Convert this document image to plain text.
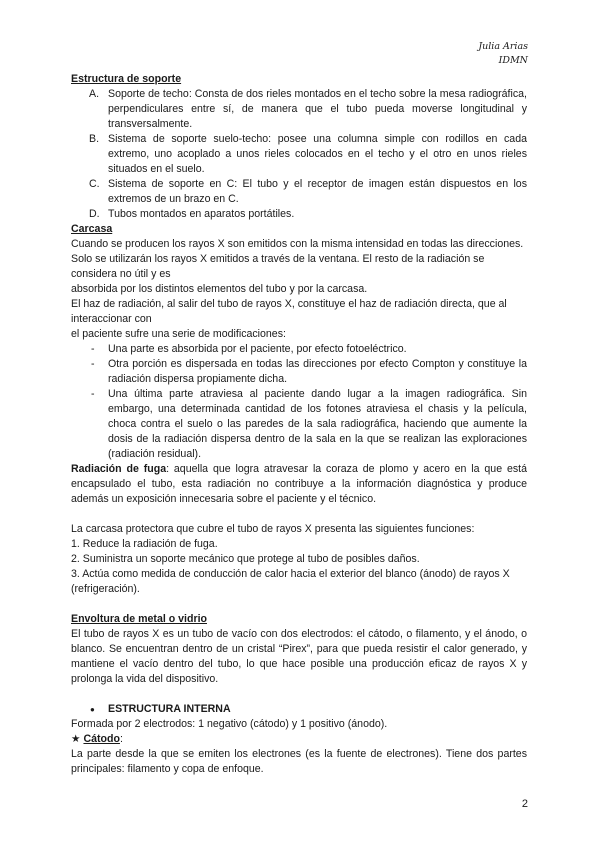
Julia Arias
IDMN
Estructura de soporte
A. Soporte de techo: Consta de dos rieles montados en el techo sobre la mesa radiográfica, perpendiculares entre sí, de manera que el tubo pueda moverse longitudinal y transversalmente.
B. Sistema de soporte suelo-techo: posee una columna simple con rodillos en cada extremo, uno acoplado a unos rieles colocados en el techo y el otro en unos rieles situados en el suelo.
C. Sistema de soporte en C: El tubo y el receptor de imagen están dispuestos en los extremos de un brazo en C.
D. Tubos montados en aparatos portátiles.
Carcasa

Cuando se producen los rayos X son emitidos con la misma intensidad en todas las direcciones.

Solo se utilizarán los rayos X emitidos a través de la ventana. El resto de la radiación se considera no útil y es

absorbida por los distintos elementos del tubo y por la carcasa.

El haz de radiación, al salir del tubo de rayos X, constituye el haz de radiación directa, que al interaccionar con

el paciente sufre una serie de modificaciones:

- Una parte es absorbida por el paciente, por efecto fotoeléctrico.
- Otra porción es dispersada en todas las direcciones por efecto Compton y constituye la radiación dispersa propiamente dicha.
- Una última parte atraviesa al paciente dando lugar a la imagen radiográfica. Sin embargo, una determinada cantidad de los fotones atraviesa el chasis y la película, choca contra el suelo o las paredes de la sala radiográfica, haciendo que aumente la dosis de la radiación dispersa dentro de la sala en la que se realizan las exploraciones (radiación residual).

Radiación de fuga: aquella que logra atravesar la coraza de plomo y acero en la que está encapsulado el tubo, esta radiación no contribuye a la información diagnóstica y produce además un exposición innecesaria sobre el paciente y el técnico.

La carcasa protectora que cubre el tubo de rayos X presenta las siguientes funciones:

1. Reduce la radiación de fuga.

2. Suministra un soporte mecánico que protege al tubo de posibles daños.

3. Actúa como medida de conducción de calor hacia el exterior del blanco (ánodo) de rayos X (refrigeración).

Envoltura de metal o vidrio

El tubo de rayos X es un tubo de vacío con dos electrodos: el cátodo, o filamento, y el ánodo, o blanco. Se encuentran dentro de un cristal “Pirex”, para que pueda resistir el calor generado, y mantiene el vacío dentro del tubo, lo que hace posible una producción eficaz de rayos X y prolonga la vida del dispositivo.

● ESTRUCTURA INTERNA

Formada por 2 electrodos: 1 negativo (cátodo) y 1 positivo (ánodo).

★ Cátodo:

La parte desde la que se emiten los electrones (es la fuente de electrones). Tiene dos partes principales: filamento y copa de enfoque.

2
